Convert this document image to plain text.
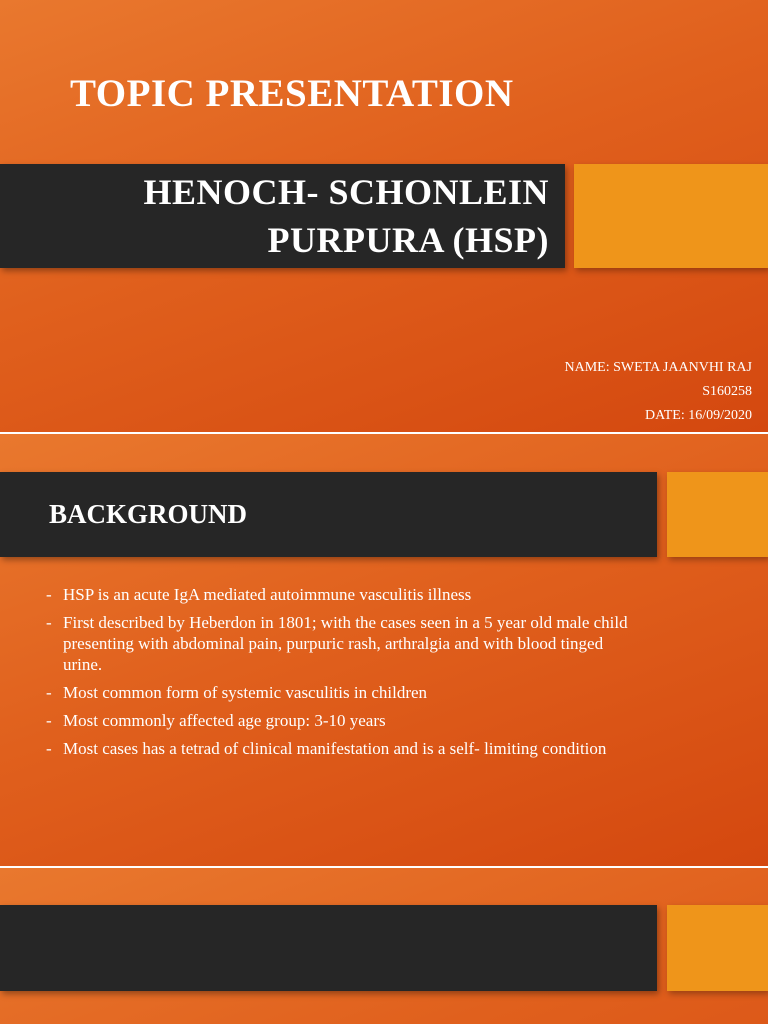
TOPIC PRESENTATION
HENOCH- SCHONLEIN
PURPURA (HSP)
NAME: SWETA JAANVHI RAJ
S160258
DATE: 16/09/2020
BACKGROUND
- HSP is an acute IgA mediated autoimmune vasculitis illness
- First described by Heberdon in 1801; with the cases seen in a 5 year old male child presenting with abdominal pain, purpuric rash, arthralgia and with blood tinged urine.
- Most common form of systemic vasculitis in children
- Most commonly affected age group: 3-10 years
- Most cases has a tetrad of clinical manifestation and is a self- limiting condition
